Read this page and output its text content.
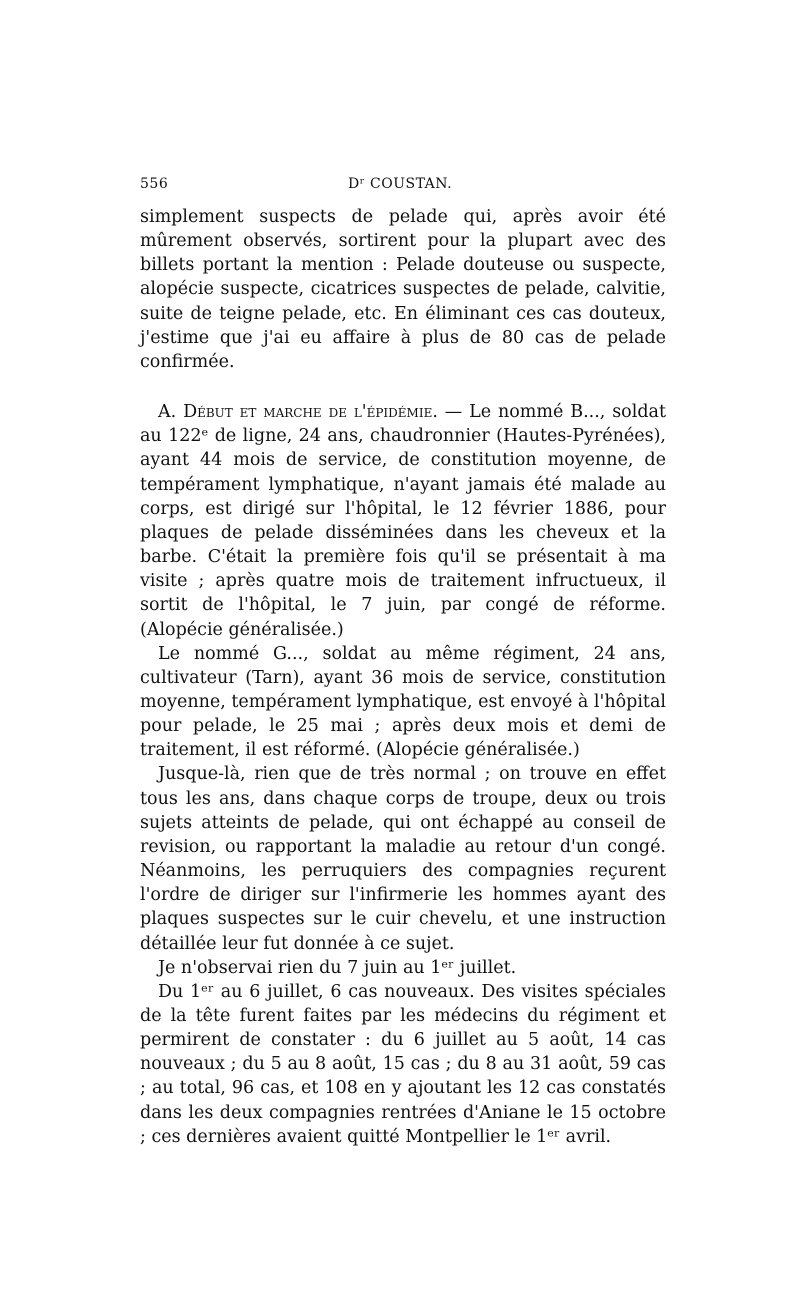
556	Dʳ COUSTAN.

simplement suspects de pelade qui, après avoir été mûrement observés, sortirent pour la plupart avec des billets portant la mention : Pelade douteuse ou suspecte, alopécie suspecte, cicatrices suspectes de pelade, calvitie, suite de teigne pelade, etc. En éliminant ces cas douteux, j'estime que j'ai eu affaire à plus de 80 cas de pelade confirmée.

A. Début et marche de l'épidémie. — Le nommé B..., soldat au 122ᵉ de ligne, 24 ans, chaudronnier (Hautes-Pyrénées), ayant 44 mois de service, de constitution moyenne, de tempérament lymphatique, n'ayant jamais été malade au corps, est dirigé sur l'hôpital, le 12 février 1886, pour plaques de pelade disséminées dans les cheveux et la barbe. C'était la première fois qu'il se présentait à ma visite ; après quatre mois de traitement infructueux, il sortit de l'hôpital, le 7 juin, par congé de réforme. (Alopécie généralisée.)

Le nommé G..., soldat au même régiment, 24 ans, cultivateur (Tarn), ayant 36 mois de service, constitution moyenne, tempérament lymphatique, est envoyé à l'hôpital pour pelade, le 25 mai ; après deux mois et demi de traitement, il est réformé. (Alopécie généralisée.)

Jusque-là, rien que de très normal ; on trouve en effet tous les ans, dans chaque corps de troupe, deux ou trois sujets atteints de pelade, qui ont échappé au conseil de revision, ou rapportant la maladie au retour d'un congé. Néanmoins, les perruquiers des compagnies reçurent l'ordre de diriger sur l'infirmerie les hommes ayant des plaques suspectes sur le cuir chevelu, et une instruction détaillée leur fut donnée à ce sujet.

Je n'observai rien du 7 juin au 1ᵉʳ juillet.

Du 1ᵉʳ au 6 juillet, 6 cas nouveaux. Des visites spéciales de la tête furent faites par les médecins du régiment et permirent de constater : du 6 juillet au 5 août, 14 cas nouveaux ; du 5 au 8 août, 15 cas ; du 8 au 31 août, 59 cas ; au total, 96 cas, et 108 en y ajoutant les 12 cas constatés dans les deux compagnies rentrées d'Aniane le 15 octobre ; ces dernières avaient quitté Montpellier le 1ᵉʳ avril.
